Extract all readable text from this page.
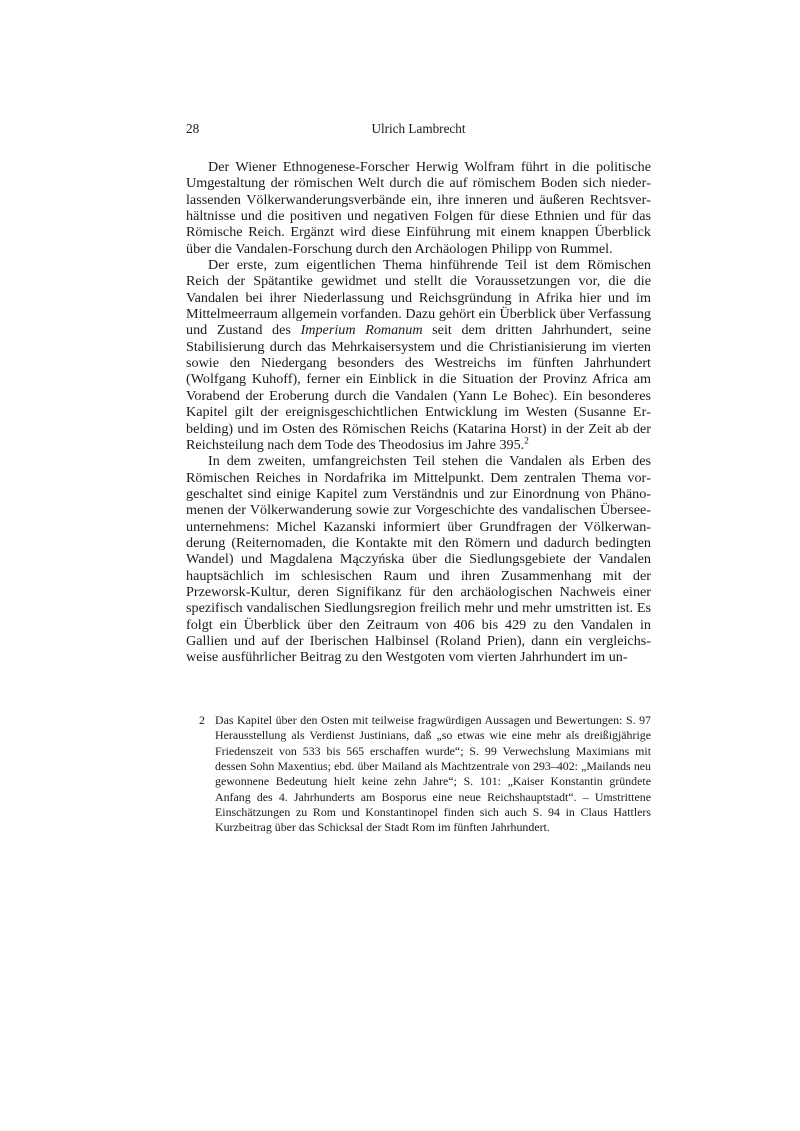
28	Ulrich Lambrecht

Der Wiener Ethnogenese-Forscher Herwig Wolfram führt in die politische Umgestaltung der römischen Welt durch die auf römischem Boden sich niederlassenden Völkerwanderungsverbände ein, ihre inneren und äußeren Rechtsverhältnisse und die positiven und negativen Folgen für diese Ethnien und für das Römische Reich. Ergänzt wird diese Einführung mit einem knappen Überblick über die Vandalen-Forschung durch den Archäologen Philipp von Rummel.

Der erste, zum eigentlichen Thema hinführende Teil ist dem Römischen Reich der Spätantike gewidmet und stellt die Voraussetzungen vor, die die Vandalen bei ihrer Niederlassung und Reichsgründung in Afrika hier und im Mittelmeerraum allgemein vorfanden. Dazu gehört ein Überblick über Verfassung und Zustand des Imperium Romanum seit dem dritten Jahrhundert, seine Stabilisierung durch das Mehrkaisersystem und die Christianisierung im vierten sowie den Niedergang besonders des Westreichs im fünften Jahrhundert (Wolfgang Kuhoff), ferner ein Einblick in die Situation der Provinz Africa am Vorabend der Eroberung durch die Vandalen (Yann Le Bohec). Ein besonderes Kapitel gilt der ereignisgeschichtlichen Entwicklung im Westen (Susanne Erbelding) und im Osten des Römischen Reichs (Katarina Horst) in der Zeit ab der Reichsteilung nach dem Tode des Theodosius im Jahre 395.$^2$

In dem zweiten, umfangreichsten Teil stehen die Vandalen als Erben des Römischen Reiches in Nordafrika im Mittelpunkt. Dem zentralen Thema vorgeschaltet sind einige Kapitel zum Verständnis und zur Einordnung von Phänomenen der Völkerwanderung sowie zur Vorgeschichte des vandalischen Überseeunternehmens: Michel Kazanski informiert über Grundfragen der Völkerwanderung (Reiternomaden, die Kontakte mit den Römern und dadurch bedingten Wandel) und Magdalena Mączyńska über die Siedlungsgebiete der Vandalen hauptsächlich im schlesischen Raum und ihren Zusammenhang mit der Przeworsk-Kultur, deren Signifikanz für den archäologischen Nachweis einer spezifisch vandalischen Siedlungsregion freilich mehr und mehr umstritten ist. Es folgt ein Überblick über den Zeitraum von 406 bis 429 zu den Vandalen in Gallien und auf der Iberischen Halbinsel (Roland Prien), dann ein vergleichsweise ausführlicher Beitrag zu den Westgoten vom vierten Jahrhundert im un-

2 Das Kapitel über den Osten mit teilweise fragwürdigen Aussagen und Bewertungen: S. 97 Herausstellung als Verdienst Justinians, daß „so etwas wie eine mehr als dreißigjährige Friedenszeit von 533 bis 565 erschaffen wurde“; S. 99 Verwechslung Maximians mit dessen Sohn Maxentius; ebd. über Mailand als Machtzentrale von 293–402: „Mailands neu gewonnene Bedeutung hielt keine zehn Jahre“; S. 101: „Kaiser Konstantin gründete Anfang des 4. Jahrhunderts am Bosporus eine neue Reichshauptstadt“. – Umstrittene Einschätzungen zu Rom und Konstantinopel finden sich auch S. 94 in Claus Hattlers Kurzbeitrag über das Schicksal der Stadt Rom im fünften Jahrhundert.
